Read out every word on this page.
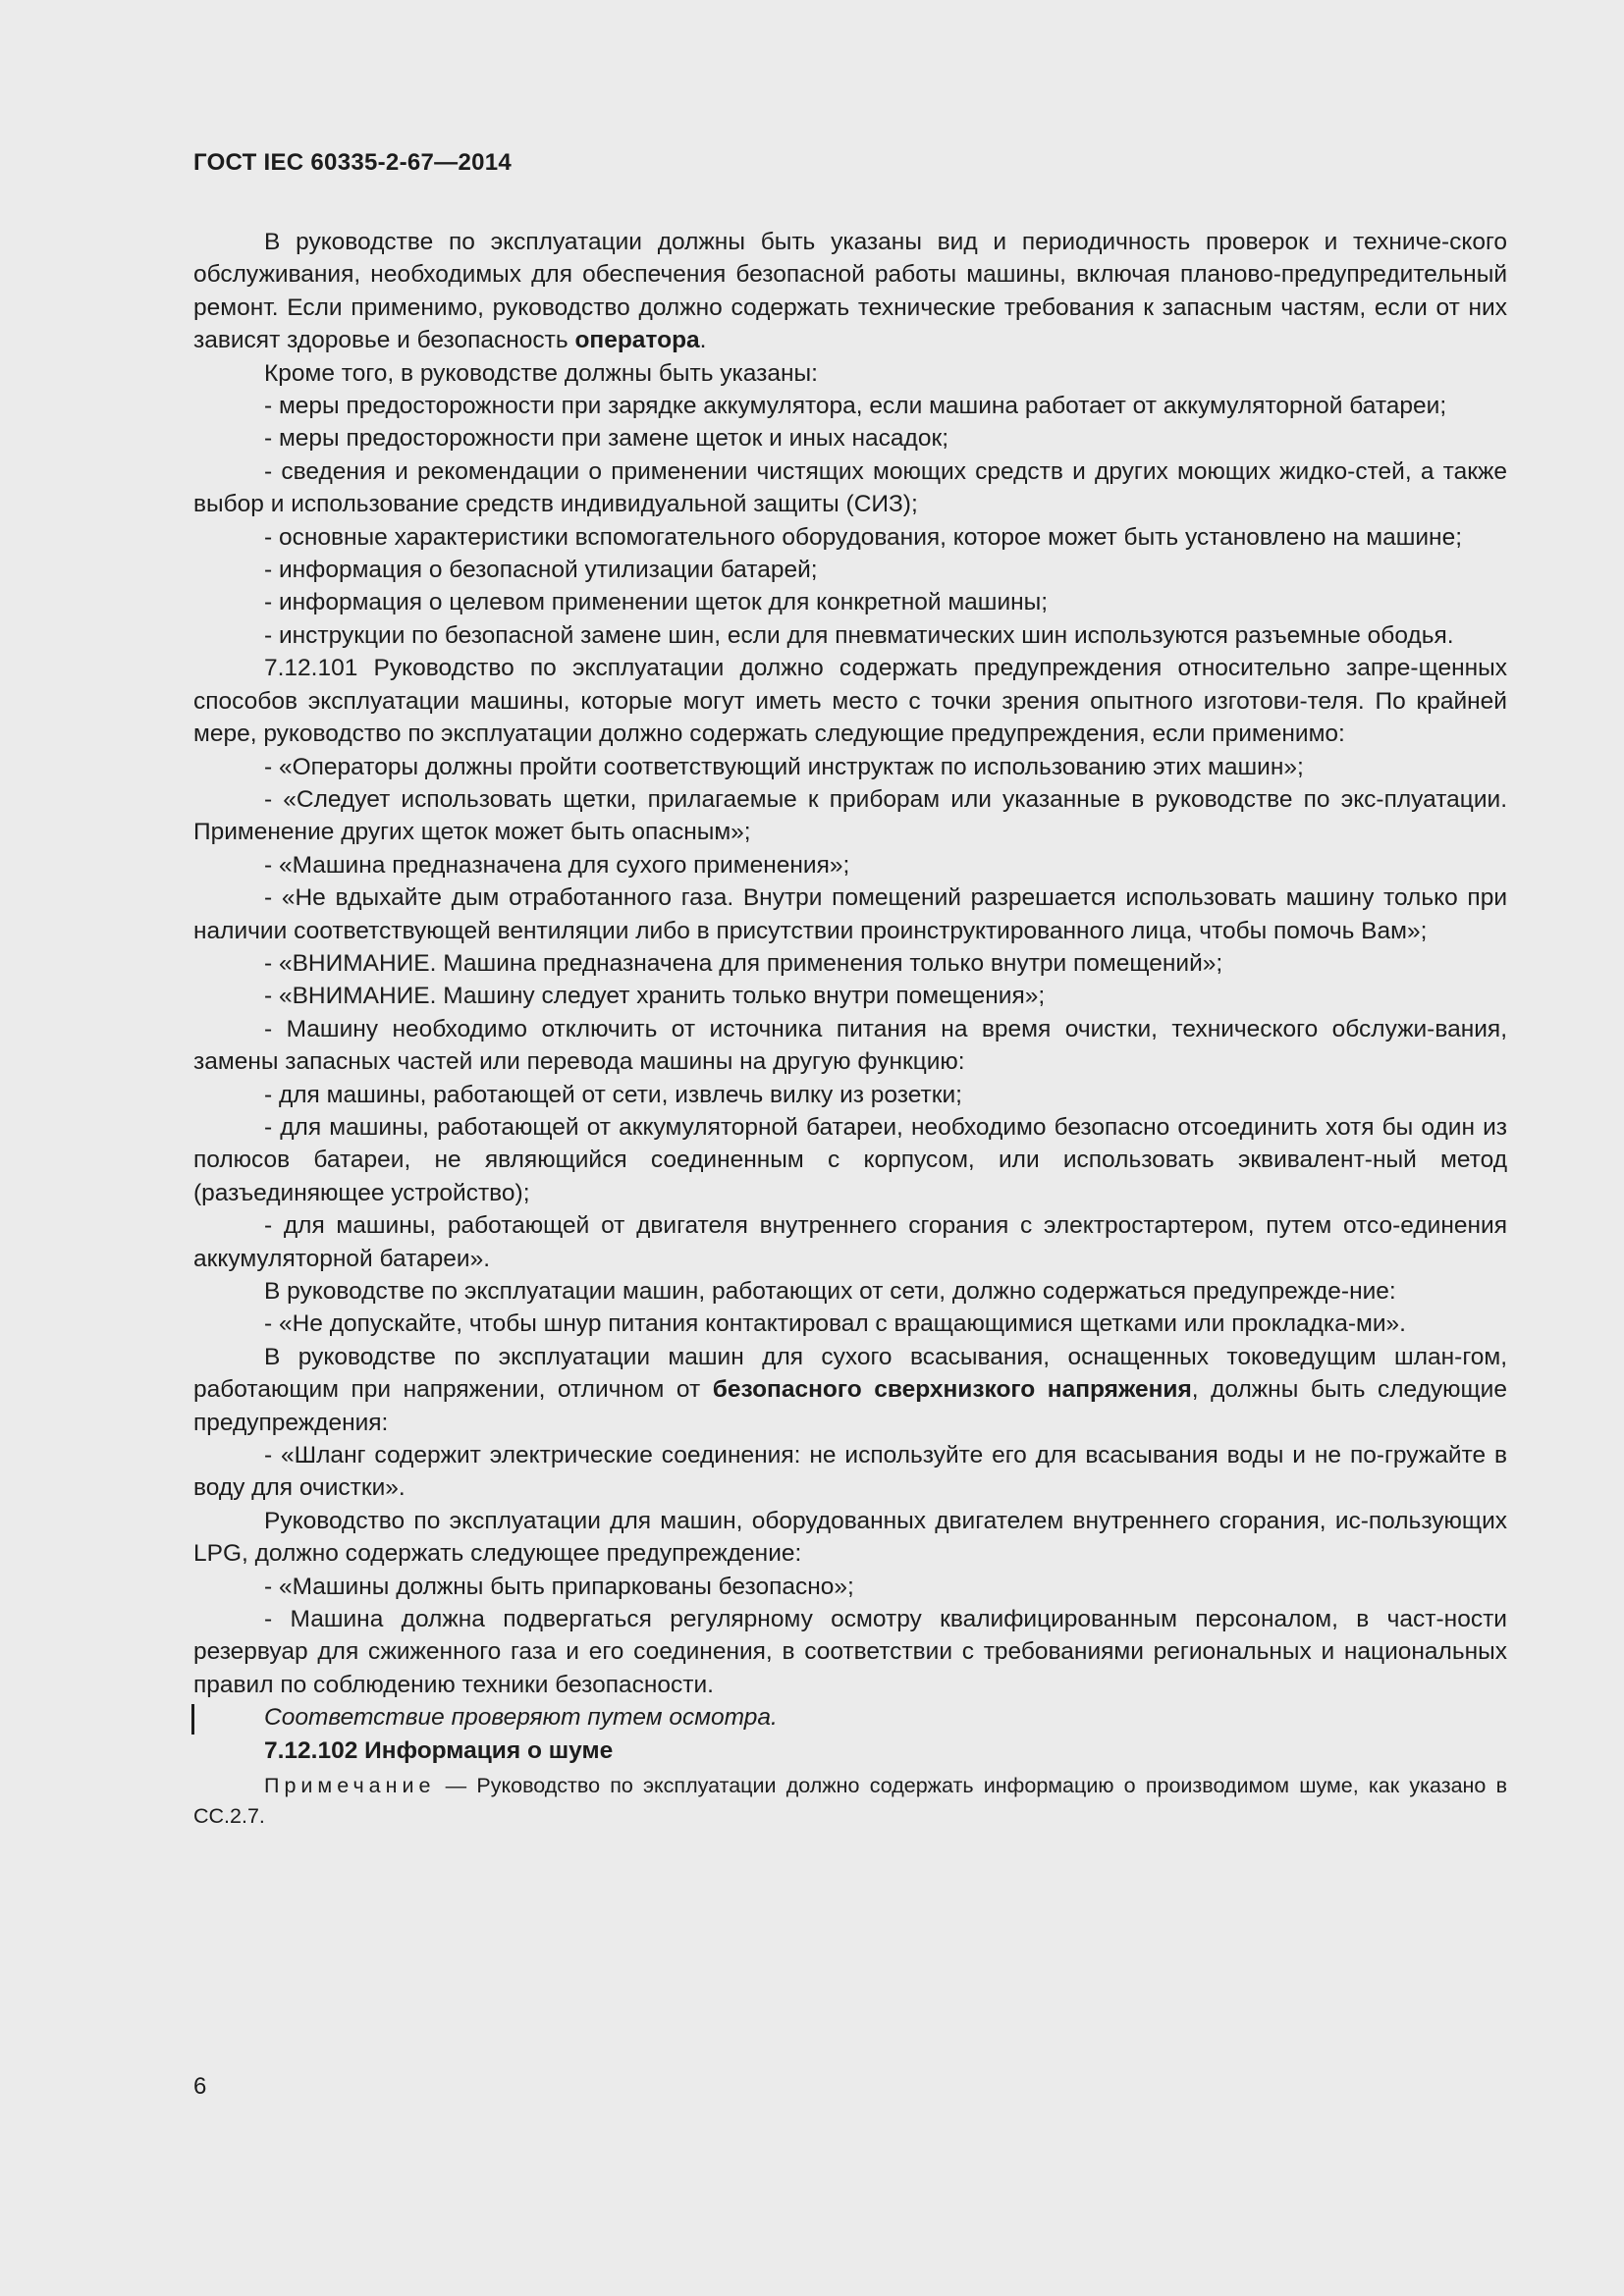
ГОСТ IEC 60335-2-67—2014

В руководстве по эксплуатации должны быть указаны вид и периодичность проверок и техниче-ского обслуживания, необходимых для обеспечения безопасной работы машины, включая планово-предупредительный ремонт. Если применимо, руководство должно содержать технические требования к запасным частям, если от них зависят здоровье и безопасность оператора.

Кроме того, в руководстве должны быть указаны:

- меры предосторожности при зарядке аккумулятора, если машина работает от аккумуляторной батареи;

- меры предосторожности при замене щеток и иных насадок;

- сведения и рекомендации о применении чистящих моющих средств и других моющих жидко-стей, а также выбор и использование средств индивидуальной защиты (СИЗ);

- основные характеристики вспомогательного оборудования, которое может быть установлено на машине;

- информация о безопасной утилизации батарей;

- информация о целевом применении щеток для конкретной машины;

- инструкции по безопасной замене шин, если для пневматических шин используются разъемные ободья.

7.12.101 Руководство по эксплуатации должно содержать предупреждения относительно запре-щенных способов эксплуатации машины, которые могут иметь место с точки зрения опытного изготови-теля. По крайней мере, руководство по эксплуатации должно содержать следующие предупреждения, если применимо:

- «Операторы должны пройти соответствующий инструктаж по использованию этих машин»;

- «Следует использовать щетки, прилагаемые к приборам или указанные в руководстве по экс-плуатации. Применение других щеток может быть опасным»;

- «Машина предназначена для сухого применения»;

- «Не вдыхайте дым отработанного газа. Внутри помещений разрешается использовать машину только при наличии соответствующей вентиляции либо в присутствии проинструктированного лица, чтобы помочь Вам»;

- «ВНИМАНИЕ. Машина предназначена для применения только внутри помещений»;

- «ВНИМАНИЕ. Машину следует хранить только внутри помещения»;

- Машину необходимо отключить от источника питания на время очистки, технического обслужи-вания, замены запасных частей или перевода машины на другую функцию:

- для машины, работающей от сети, извлечь вилку из розетки;

- для машины, работающей от аккумуляторной батареи, необходимо безопасно отсоединить хотя бы один из полюсов батареи, не являющийся соединенным с корпусом, или использовать эквивалент-ный метод (разъединяющее устройство);

- для машины, работающей от двигателя внутреннего сгорания с электростартером, путем отсо-единения аккумуляторной батареи».

В руководстве по эксплуатации машин, работающих от сети, должно содержаться предупрежде-ние:

- «Не допускайте, чтобы шнур питания контактировал с вращающимися щетками или прокладка-ми».

В руководстве по эксплуатации машин для сухого всасывания, оснащенных токоведущим шлан-гом, работающим при напряжении, отличном от безопасного сверхнизкого напряжения, должны быть следующие предупреждения:

- «Шланг содержит электрические соединения: не используйте его для всасывания воды и не по-гружайте в воду для очистки».

Руководство по эксплуатации для машин, оборудованных двигателем внутреннего сгорания, ис-пользующих LPG, должно содержать следующее предупреждение:

- «Машины должны быть припаркованы безопасно»;

- Машина должна подвергаться регулярному осмотру квалифицированным персоналом, в част-ности резервуар для сжиженного газа и его соединения, в соответствии с требованиями региональных и национальных правил по соблюдению техники безопасности.

Соответствие проверяют путем осмотра.

7.12.102 Информация о шуме

Примечание — Руководство по эксплуатации должно содержать информацию о производимом шуме, как указано в СС.2.7.

6
